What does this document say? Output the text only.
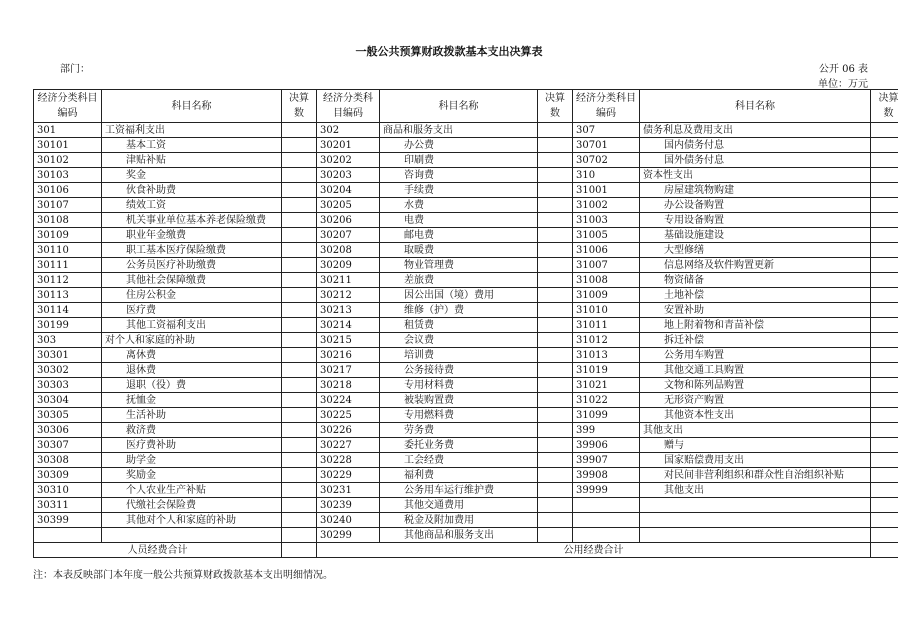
一般公共预算财政拨款基本支出决算表
部门：	公开 06 表
单位：万元
经济分类科目编码	科目名称	决算数	经济分类科目编码	科目名称	决算数	经济分类科目编码	科目名称	决算数
301	工资福利支出		302	商品和服务支出		307	债务利息及费用支出	
30101	基本工资		30201	办公费		30701	国内债务付息	
30102	津贴补贴		30202	印刷费		30702	国外债务付息	
30103	奖金		30203	咨询费		310	资本性支出	
30106	伙食补助费		30204	手续费		31001	房屋建筑物购建	
30107	绩效工资		30205	水费		31002	办公设备购置	
30108	机关事业单位基本养老保险缴费		30206	电费		31003	专用设备购置	
30109	职业年金缴费		30207	邮电费		31005	基础设施建设	
30110	职工基本医疗保险缴费		30208	取暖费		31006	大型修缮	
30111	公务员医疗补助缴费		30209	物业管理费		31007	信息网络及软件购置更新	
30112	其他社会保障缴费		30211	差旅费		31008	物资储备	
30113	住房公积金		30212	因公出国（境）费用		31009	土地补偿	
30114	医疗费		30213	维修（护）费		31010	安置补助	
30199	其他工资福利支出		30214	租赁费		31011	地上附着物和青苗补偿	
303	对个人和家庭的补助		30215	会议费		31012	拆迁补偿	
30301	离休费		30216	培训费		31013	公务用车购置	
30302	退休费		30217	公务接待费		31019	其他交通工具购置	
30303	退职（役）费		30218	专用材料费		31021	文物和陈列品购置	
30304	抚恤金		30224	被装购置费		31022	无形资产购置	
30305	生活补助		30225	专用燃料费		31099	其他资本性支出	
30306	救济费		30226	劳务费		399	其他支出	
30307	医疗费补助		30227	委托业务费		39906	赠与	
30308	助学金		30228	工会经费		39907	国家赔偿费用支出	
30309	奖励金		30229	福利费		39908	对民间非营利组织和群众性自治组织补贴	
30310	个人农业生产补贴		30231	公务用车运行维护费		39999	其他支出	
30311	代缴社会保险费		30239	其他交通费用				
30399	其他对个人和家庭的补助		30240	税金及附加费用				
			30299	其他商品和服务支出				
人员经费合计			公用经费合计					
注：本表反映部门本年度一般公共预算财政拨款基本支出明细情况。
